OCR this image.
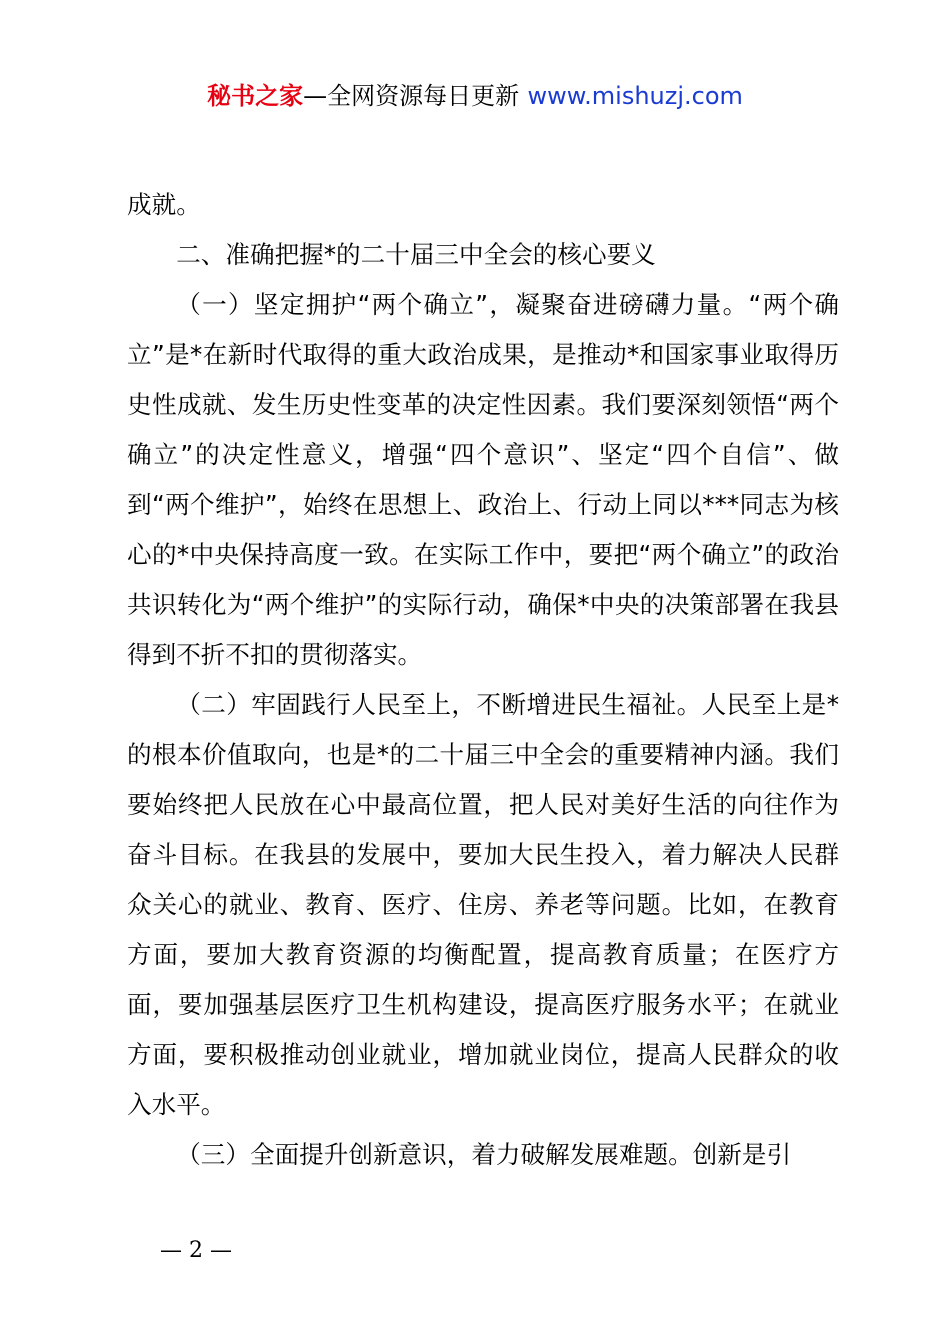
秘书之家—全网资源每日更新 www.mishuzj.com

成就。

二、准确把握*的二十届三中全会的核心要义

（一）坚定拥护“两个确立”，凝聚奋进磅礴力量。“两个确立”是*在新时代取得的重大政治成果，是推动*和国家事业取得历史性成就、发生历史性变革的决定性因素。我们要深刻领悟“两个确立”的决定性意义，增强“四个意识”、坚定“四个自信”、做到“两个维护”，始终在思想上、政治上、行动上同以***同志为核心的*中央保持高度一致。在实际工作中，要把“两个确立”的政治共识转化为“两个维护”的实际行动，确保*中央的决策部署在我县得到不折不扣的贯彻落实。

（二）牢固践行人民至上，不断增进民生福祉。人民至上是*的根本价值取向，也是*的二十届三中全会的重要精神内涵。我们要始终把人民放在心中最高位置，把人民对美好生活的向往作为奋斗目标。在我县的发展中，要加大民生投入，着力解决人民群众关心的就业、教育、医疗、住房、养老等问题。比如，在教育方面，要加大教育资源的均衡配置，提高教育质量；在医疗方面，要加强基层医疗卫生机构建设，提高医疗服务水平；在就业方面，要积极推动创业就业，增加就业岗位，提高人民群众的收入水平。

（三）全面提升创新意识，着力破解发展难题。创新是引

— 2 —
